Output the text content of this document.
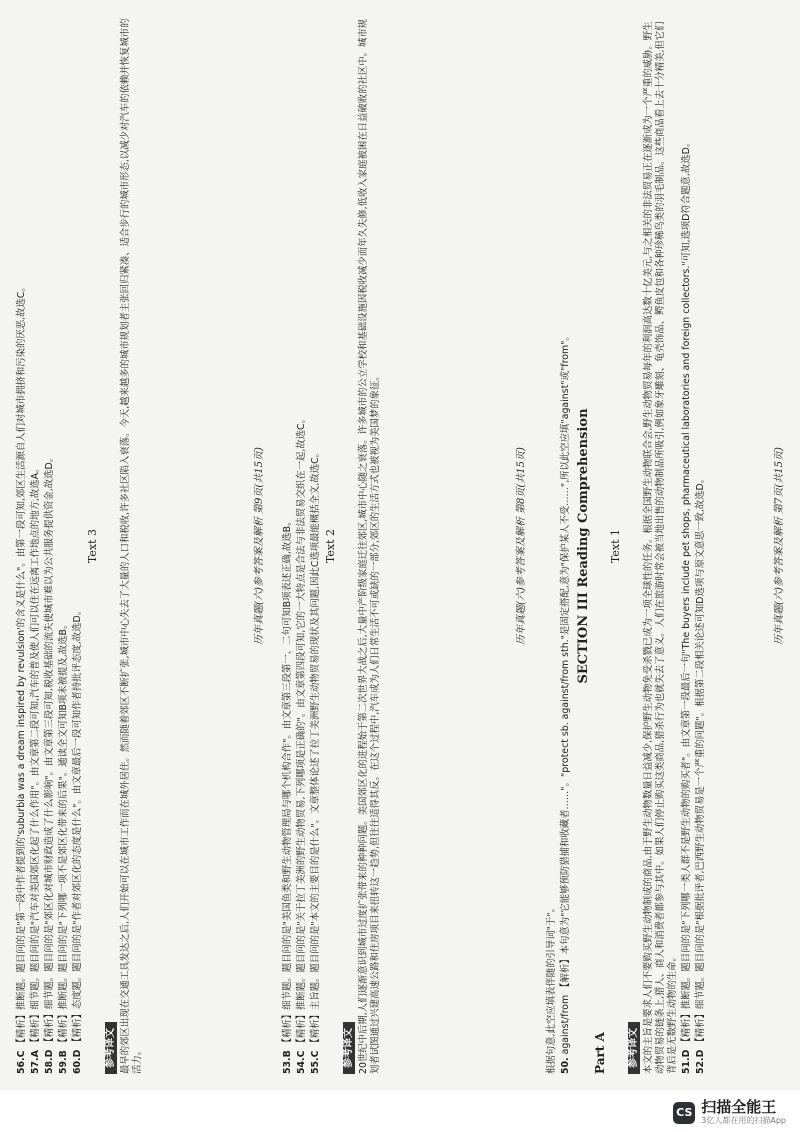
根据句意,此空应填表伴随的引导词"于"。 50. against/from 【解析】本句意为"它能够预防猎捕和收藏者……"。"protect sb. against/from sth."是固定搭配,意为"保护某人不受……",所以此空应填"against"或"from"。 SECTION III Reading Comprehension
Part A
Text 1
参考译文 本文的主旨是要求人们不要购买野生动物制成的商品,由于野生动物数量日益减少,保护野生动物免受杀戮已成为一项全球性的任务。根据全国野生动物联合会,野生动物贸易每年的利润高达数十亿美元,与之相关的非法贸易正在逐渐成为一个严重的威胁。野生动物贸易的链条上,猎人、商人和消费者都参与其中。如果人们停止购买这类商品,猎杀行为也就失去了意义。人们在旅游时常会被当地出售的动物制品所吸引,例如象牙雕刻、龟壳饰品、鳄鱼皮包和各种珍稀鸟类的羽毛制品。这些商品看上去十分精美,但它们背后是无数野生动物的生命。 51.D 【精析】推断题。题目问的是"下列哪一类人群不是野生动物的购买者"。由文章第一段最后一句"The buyers include pet shops, pharmaceutical laboratories and foreign collectors."可知,选项D符合题意,故选D。

52.D 【精析】细节题。题目问的是"根据批评者,巴西野生动物贸易是一个严重的问题"。根据第二段相关论述可知D选项与原文意思一致,故选D。	历年真题(六)参考答案及解析 第7页(共15页)

53.B 【精析】细节题。题目问的是"美国鱼类和野生动物管理局与哪个机构合作"。由文章第三段第一、二句可知B项表述正确,故选B。

54.C 【精析】推断题。题目问的是"关于拉丁美洲的野生动物贸易,下列哪项是正确的"。由文章第四段可知,它的一大特点是合法与非法贸易交织在一起,故选C。

55.C 【精析】主旨题。题目问的是"本文的主要目的是什么"。文章整体论述了拉丁美洲野生动物贸易的现状及其问题,因此C选项最能概括全文,故选C。 Text 2
参考译文 20世纪中后期,人们逐渐意识到城市过度扩张带来的种种问题。美国郊区化的进程始于第二次世界大战之后,大量中产阶级家庭迁往郊区,城市中心随之衰落。许多城市的公立学校和基础设施因税收减少而年久失修,低收入家庭被困在日益破败的社区中。城市规划者试图通过兴建高速公路和住房项目来扭转这一趋势,但往往适得其反。在这个过程中,汽车成为人们日常生活不可或缺的一部分,郊区的生活方式也被视为美国梦的象征。	历年真题(六)参考答案及解析 第8页(共15页)

56.C 【精析】推断题。题目问的是"第一段中作者提到的'suburbia was a dream inspired by revulsion'的含义是什么"。由第一段可知,郊区生活源自人们对城市拥挤和污染的厌恶,故选C。

57.A 【精析】细节题。题目问的是"汽车对美国郊区化起了什么作用"。由文章第二段可知,汽车的普及使人们可以住在远离工作地点的地方,故选A。

58.D 【精析】细节题。题目问的是"郊区化对城市财政造成了什么影响"。由文章第三段可知,税收基础的流失使城市难以为公共服务提供资金,故选D。

59.B 【精析】推断题。题目问的是"下列哪一项不是郊区化带来的后果"。通读全文可知B项未被提及,故选B。

60.D 【精析】态度题。题目问的是"作者对郊区化的态度是什么"。由文章最后一段可知作者持批评态度,故选D。

Text 3
参考译文 最早的郊区出现在交通工具发达之后,人们开始可以在城市工作而在城外居住。然而随着郊区不断扩张,城市中心失去了大量的人口和税收,许多社区陷入衰落。今天,越来越多的城市规划者主张回归紧凑、适合步行的城市形态,以减少对汽车的依赖并恢复城市的活力。

历年真题(六)参考答案及解析 第9页(共15页)
CS 扫描全能王
3亿人都在用的扫描App
